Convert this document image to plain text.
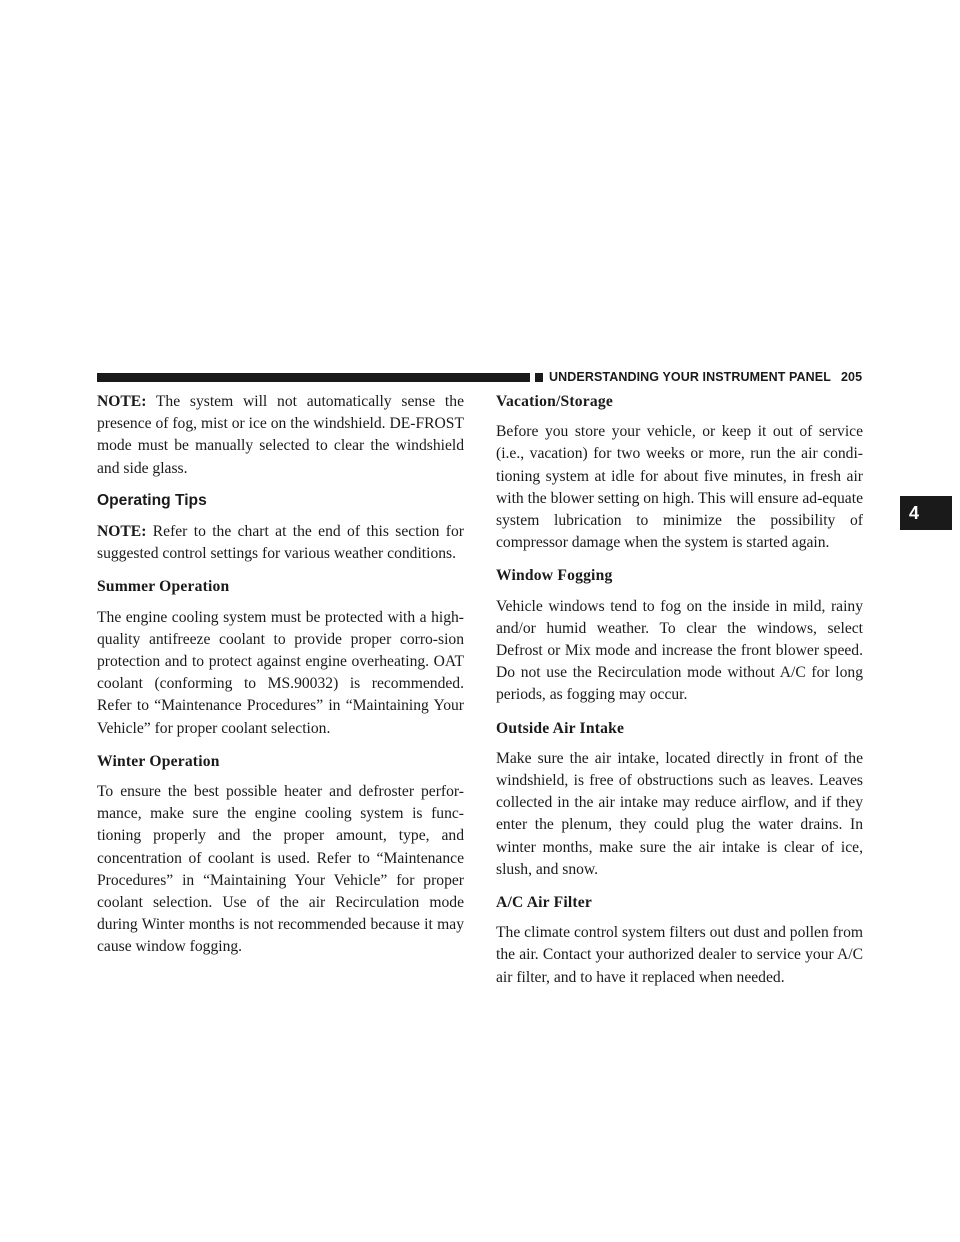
UNDERSTANDING YOUR INSTRUMENT PANEL 205
4

NOTE: The system will not automatically sense the presence of fog, mist or ice on the windshield. DE-FROST mode must be manually selected to clear the windshield and side glass.

Operating Tips

NOTE: Refer to the chart at the end of this section for suggested control settings for various weather conditions.

Summer Operation

The engine cooling system must be protected with a high-quality antifreeze coolant to provide proper corro-sion protection and to protect against engine overheating. OAT coolant (conforming to MS.90032) is recommended. Refer to “Maintenance Procedures” in “Maintaining Your Vehicle” for proper coolant selection.

Winter Operation

To ensure the best possible heater and defroster perfor-mance, make sure the engine cooling system is func-tioning properly and the proper amount, type, and concentration of coolant is used. Refer to “Maintenance Procedures” in “Maintaining Your Vehicle” for proper coolant selection. Use of the air Recirculation mode during Winter months is not recommended because it may cause window fogging.

Vacation/Storage

Before you store your vehicle, or keep it out of service (i.e., vacation) for two weeks or more, run the air condi-tioning system at idle for about five minutes, in fresh air with the blower setting on high. This will ensure ad-equate system lubrication to minimize the possibility of compressor damage when the system is started again.

Window Fogging

Vehicle windows tend to fog on the inside in mild, rainy and/or humid weather. To clear the windows, select Defrost or Mix mode and increase the front blower speed. Do not use the Recirculation mode without A/C for long periods, as fogging may occur.

Outside Air Intake

Make sure the air intake, located directly in front of the windshield, is free of obstructions such as leaves. Leaves collected in the air intake may reduce airflow, and if they enter the plenum, they could plug the water drains. In winter months, make sure the air intake is clear of ice, slush, and snow.

A/C Air Filter

The climate control system filters out dust and pollen from the air. Contact your authorized dealer to service your A/C air filter, and to have it replaced when needed.
